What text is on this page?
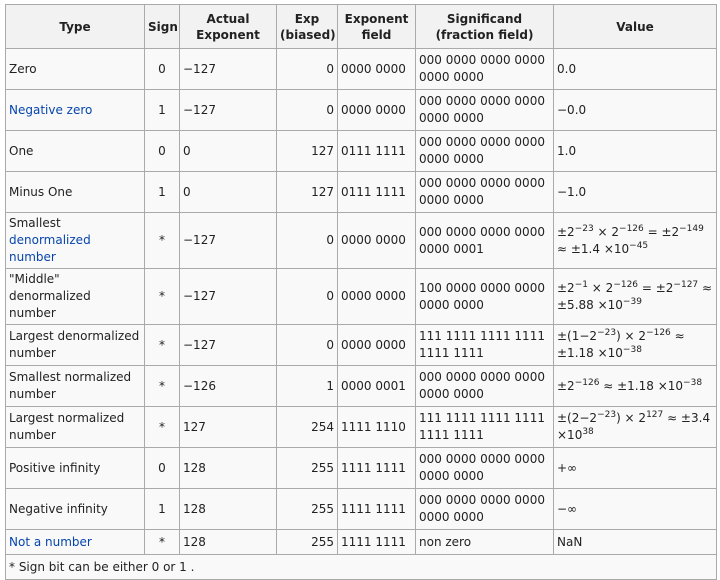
Type	Sign	Actual Exponent	Exp (biased)	Exponent field	Significand (fraction field)	Value
Zero	0	−127	0	0000 0000	000 0000 0000 0000 0000 0000	0.0
Negative zero	1	−127	0	0000 0000	000 0000 0000 0000 0000 0000	−0.0
One	0	0	127	0111 1111	000 0000 0000 0000 0000 0000	1.0
Minus One	1	0	127	0111 1111	000 0000 0000 0000 0000 0000	−1.0
Smallest denormalized number	*	−127	0	0000 0000	000 0000 0000 0000 0000 0001	$\pm 2^{-23} \times 2^{-126} = \pm 2^{-149} \approx \pm 1.4 \times 10^{-45}$
"Middle" denormalized number	*	−127	0	0000 0000	100 0000 0000 0000 0000 0000	$\pm 2^{-1} \times 2^{-126} = \pm 2^{-127} \approx \pm 5.88 \times 10^{-39}$
Largest denormalized number	*	−127	0	0000 0000	111 1111 1111 1111 1111 1111	$\pm(1-2^{-23}) \times 2^{-126} \approx \pm 1.18 \times 10^{-38}$
Smallest normalized number	*	−126	1	0000 0001	000 0000 0000 0000 0000 0000	$\pm 2^{-126} \approx \pm 1.18 \times 10^{-38}$
Largest normalized number	*	127	254	1111 1110	111 1111 1111 1111 1111 1111	$\pm(2-2^{-23}) \times 2^{127} \approx \pm 3.4 \times 10^{38}$
Positive infinity	0	128	255	1111 1111	000 0000 0000 0000 0000 0000	+∞
Negative infinity	1	128	255	1111 1111	000 0000 0000 0000 0000 0000	−∞
Not a number	*	128	255	1111 1111	non zero	NaN
* Sign bit can be either 0 or 1 .						
